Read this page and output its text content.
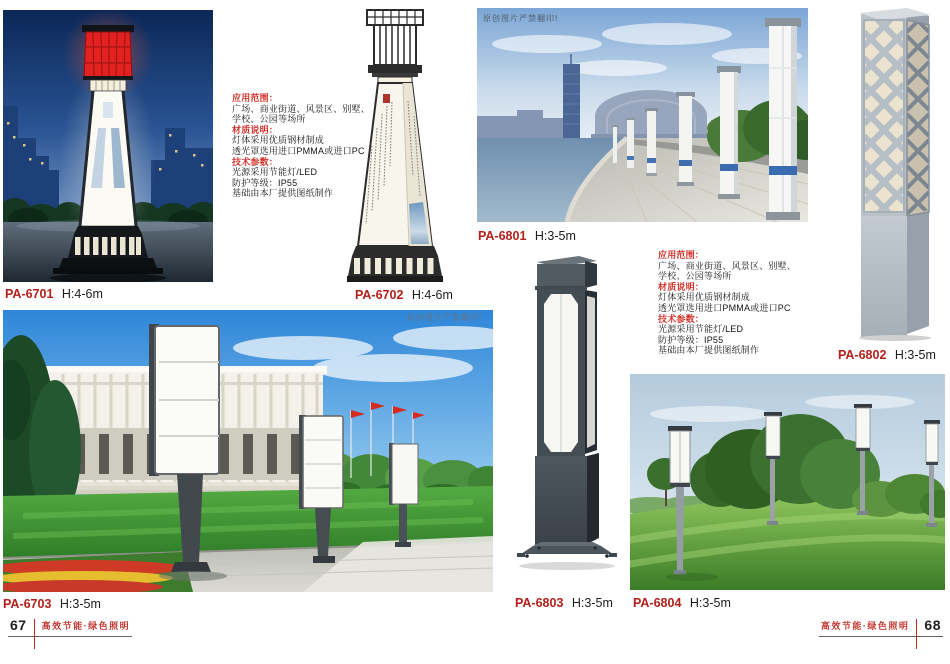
PA-6701 H:4-6m
应用范围：
广场、商业街道、风景区、别墅、
学校、公园等场所
材质说明：
灯体采用优质钢材制成
透光罩选用进口PMMA或进口PC
技术参数：
光源采用节能灯/LED
防护等级：IP55
基础由本厂提供图纸制作
PA-6702 H:4-6m
原创图片严禁翻印!
PA-6703 H:3-5m
67 高效节能·绿色照明
原创图片严禁翻印!
PA-6801 H:3-5m
应用范围：
广场、商业街道、风景区、别墅、
学校、公园等场所
材质说明：
灯体采用优质钢材制成
透光罩选用进口PMMA或进口PC
技术参数：
光源采用节能灯/LED
防护等级：IP55
基础由本厂提供图纸制作	PA-6802 H:3-5m
PA-6803 H:3-5m PA-6804 H:3-5m
高效节能·绿色照明 68
